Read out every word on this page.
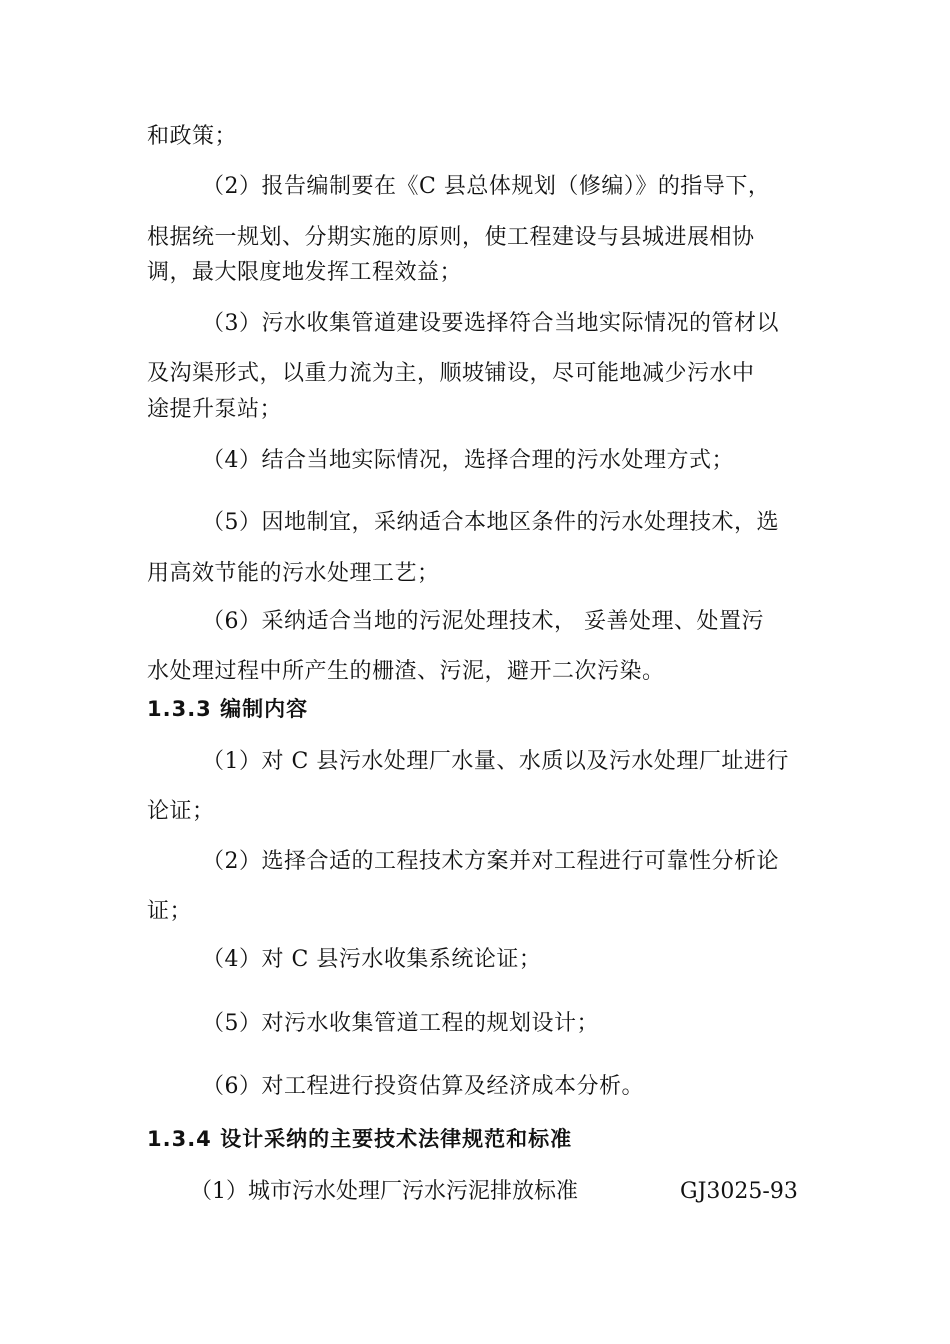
和政策；
（2）报告编制要在《C 县总体规划（修编）》的指导下，
根据统一规划、分期实施的原则，使工程建设与县城进展相协
调，最大限度地发挥工程效益；
（3）污水收集管道建设要选择符合当地实际情况的管材以
及沟渠形式，以重力流为主，顺坡铺设，尽可能地减少污水中
途提升泵站；
（4）结合当地实际情况，选择合理的污水处理方式；
（5）因地制宜，采纳适合本地区条件的污水处理技术，选
用高效节能的污水处理工艺；
（6）采纳适合当地的污泥处理技术， 妥善处理、处置污
水处理过程中所产生的栅渣、污泥，避开二次污染。
1.3.3 编制内容
（1）对 C 县污水处理厂水量、水质以及污水处理厂址进行
论证；
（2）选择合适的工程技术方案并对工程进行可靠性分析论
证；
（4）对 C 县污水收集系统论证；
（5）对污水收集管道工程的规划设计；
（6）对工程进行投资估算及经济成本分析。
1.3.4 设计采纳的主要技术法律规范和标准
（1）城市污水处理厂污水污泥排放标准	GJ3025-93
